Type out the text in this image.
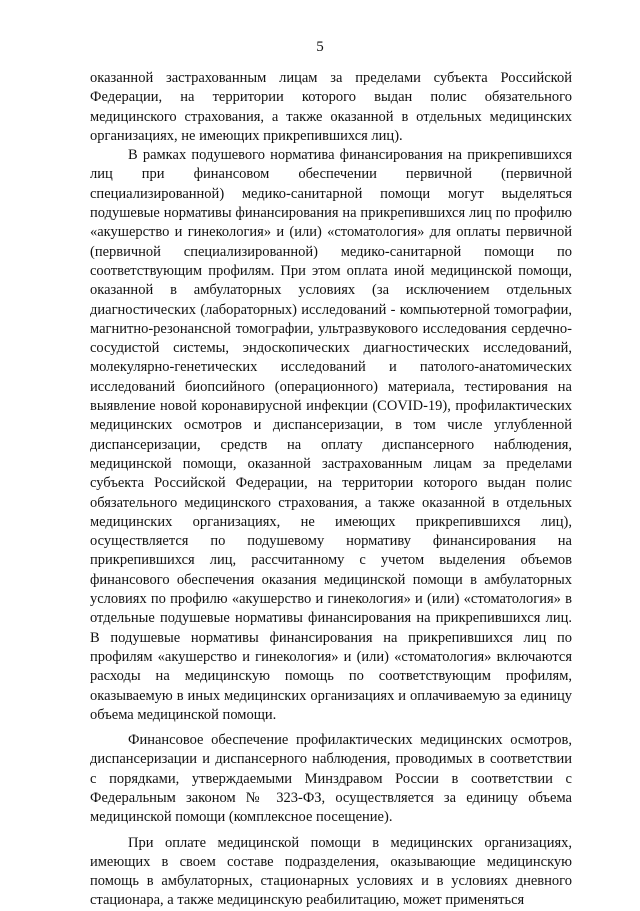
5

оказанной застрахованным лицам за пределами субъекта Российской Федерации, на территории которого выдан полис обязательного медицинского страхования, а также оказанной в отдельных медицинских организациях, не имеющих прикрепившихся лиц).

В рамках подушевого норматива финансирования на прикрепившихся лиц при финансовом обеспечении первичной (первичной специализированной) медико-санитарной помощи могут выделяться подушевые нормативы финансирования на прикрепившихся лиц по профилю «акушерство и гинекология» и (или) «стоматология» для оплаты первичной (первичной специализированной) медико-санитарной помощи по соответствующим профилям. При этом оплата иной медицинской помощи, оказанной в амбулаторных условиях (за исключением отдельных диагностических (лабораторных) исследований - компьютерной томографии, магнитно-резонансной томографии, ультразвукового исследования сердечно-сосудистой системы, эндоскопических диагностических исследований, молекулярно-генетических исследований и патолого-анатомических исследований биопсийного (операционного) материала, тестирования на выявление новой коронавирусной инфекции (COVID-19), профилактических медицинских осмотров и диспансеризации, в том числе углубленной диспансеризации, средств на оплату диспансерного наблюдения, медицинской помощи, оказанной застрахованным лицам за пределами субъекта Российской Федерации, на территории которого выдан полис обязательного медицинского страхования, а также оказанной в отдельных медицинских организациях, не имеющих прикрепившихся лиц), осуществляется по подушевому нормативу финансирования на прикрепившихся лиц, рассчитанному с учетом выделения объемов финансового обеспечения оказания медицинской помощи в амбулаторных условиях по профилю «акушерство и гинекология» и (или) «стоматология» в отдельные подушевые нормативы финансирования на прикрепившихся лиц. В подушевые нормативы финансирования на прикрепившихся лиц по профилям «акушерство и гинекология» и (или) «стоматология» включаются расходы на медицинскую помощь по соответствующим профилям, оказываемую в иных медицинских организациях и оплачиваемую за единицу объема медицинской помощи.

Финансовое обеспечение профилактических медицинских осмотров, диспансеризации и диспансерного наблюдения, проводимых в соответствии с порядками, утверждаемыми Минздравом России в соответствии с Федеральным законом № 323-ФЗ, осуществляется за единицу объема медицинской помощи (комплексное посещение).

При оплате медицинской помощи в медицинских организациях, имеющих в своем составе подразделения, оказывающие медицинскую помощь в амбулаторных, стационарных условиях и в условиях дневного стационара, а также медицинскую реабилитацию, может применяться
